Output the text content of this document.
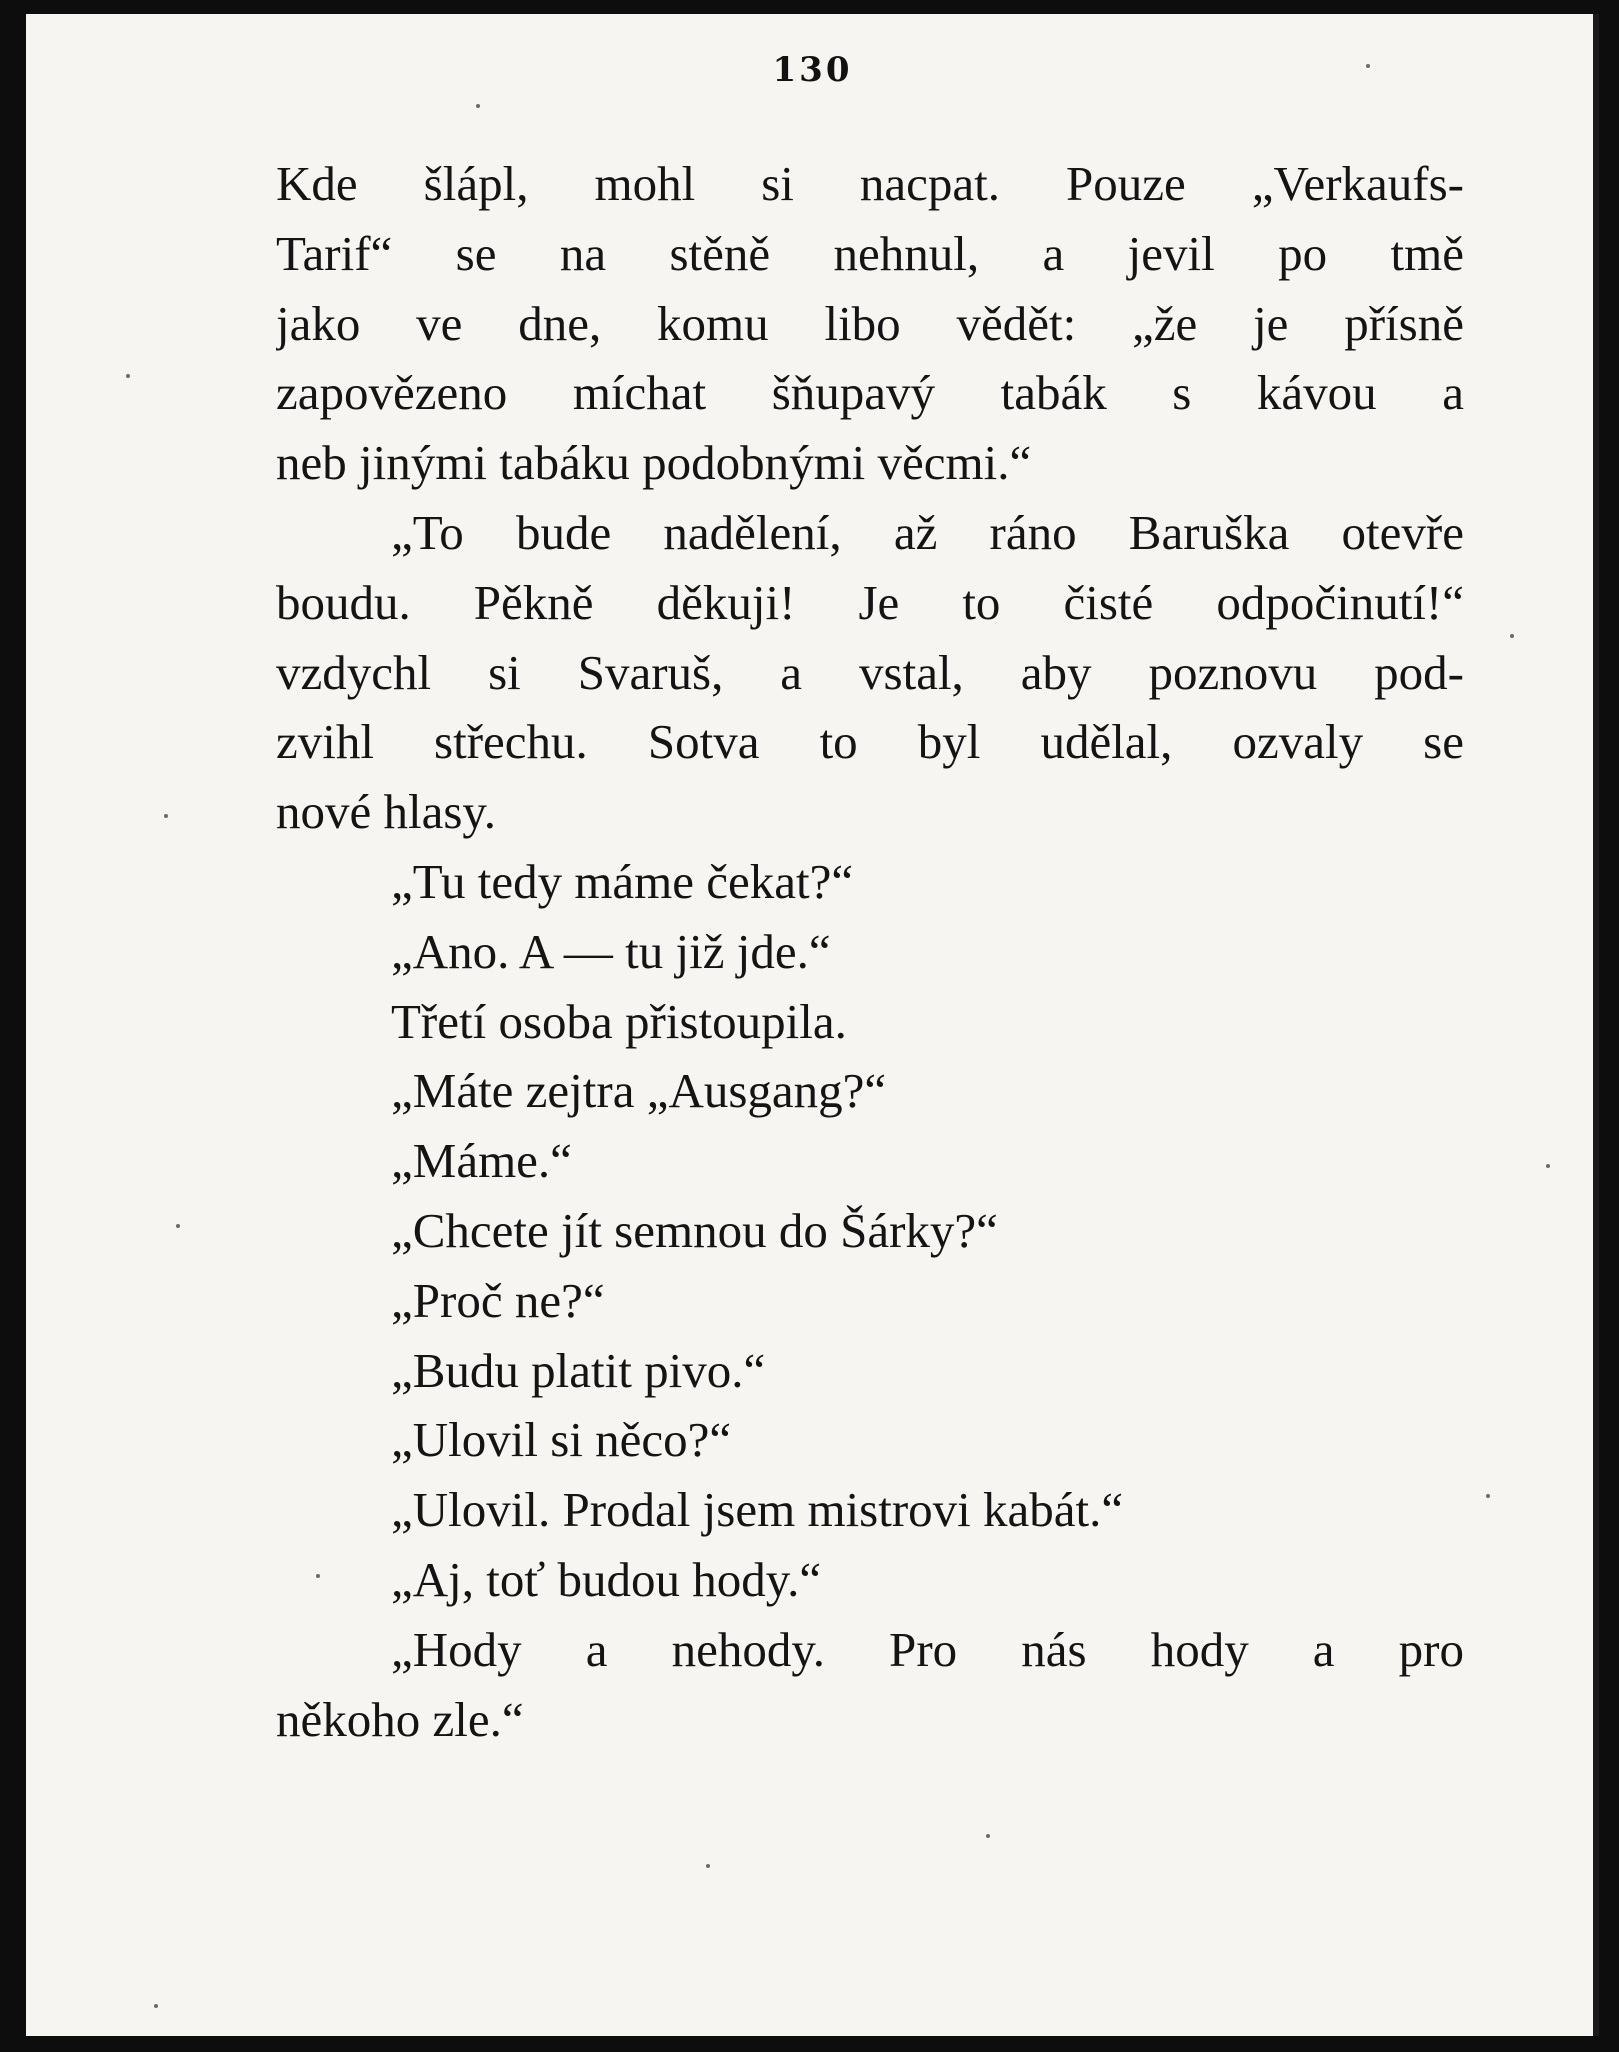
130
Kde šlápl, mohl si nacpat. Pouze „Verkaufs-
Tarif“ se na stěně nehnul, a jevil po tmě
jako ve dne, komu libo vědět: „že je přísně
zapovězeno míchat šňupavý tabák s kávou a
neb jinými tabáku podobnými věcmi.“
„To bude nadělení, až ráno Baruška otevře
boudu. Pěkně děkuji! Je to čisté odpočinutí!“
vzdychl si Svaruš, a vstal, aby poznovu pod-
zvihl střechu. Sotva to byl udělal, ozvaly se
nové hlasy.
„Tu tedy máme čekat?“
„Ano. A — tu již jde.“
Třetí osoba přistoupila.
„Máte zejtra „Ausgang?“
„Máme.“
„Chcete jít semnou do Šárky?“
„Proč ne?“
„Budu platit pivo.“
„Ulovil si něco?“
„Ulovil. Prodal jsem mistrovi kabát.“
„Aj, toť budou hody.“
„Hody a nehody. Pro nás hody a pro
někoho zle.“
